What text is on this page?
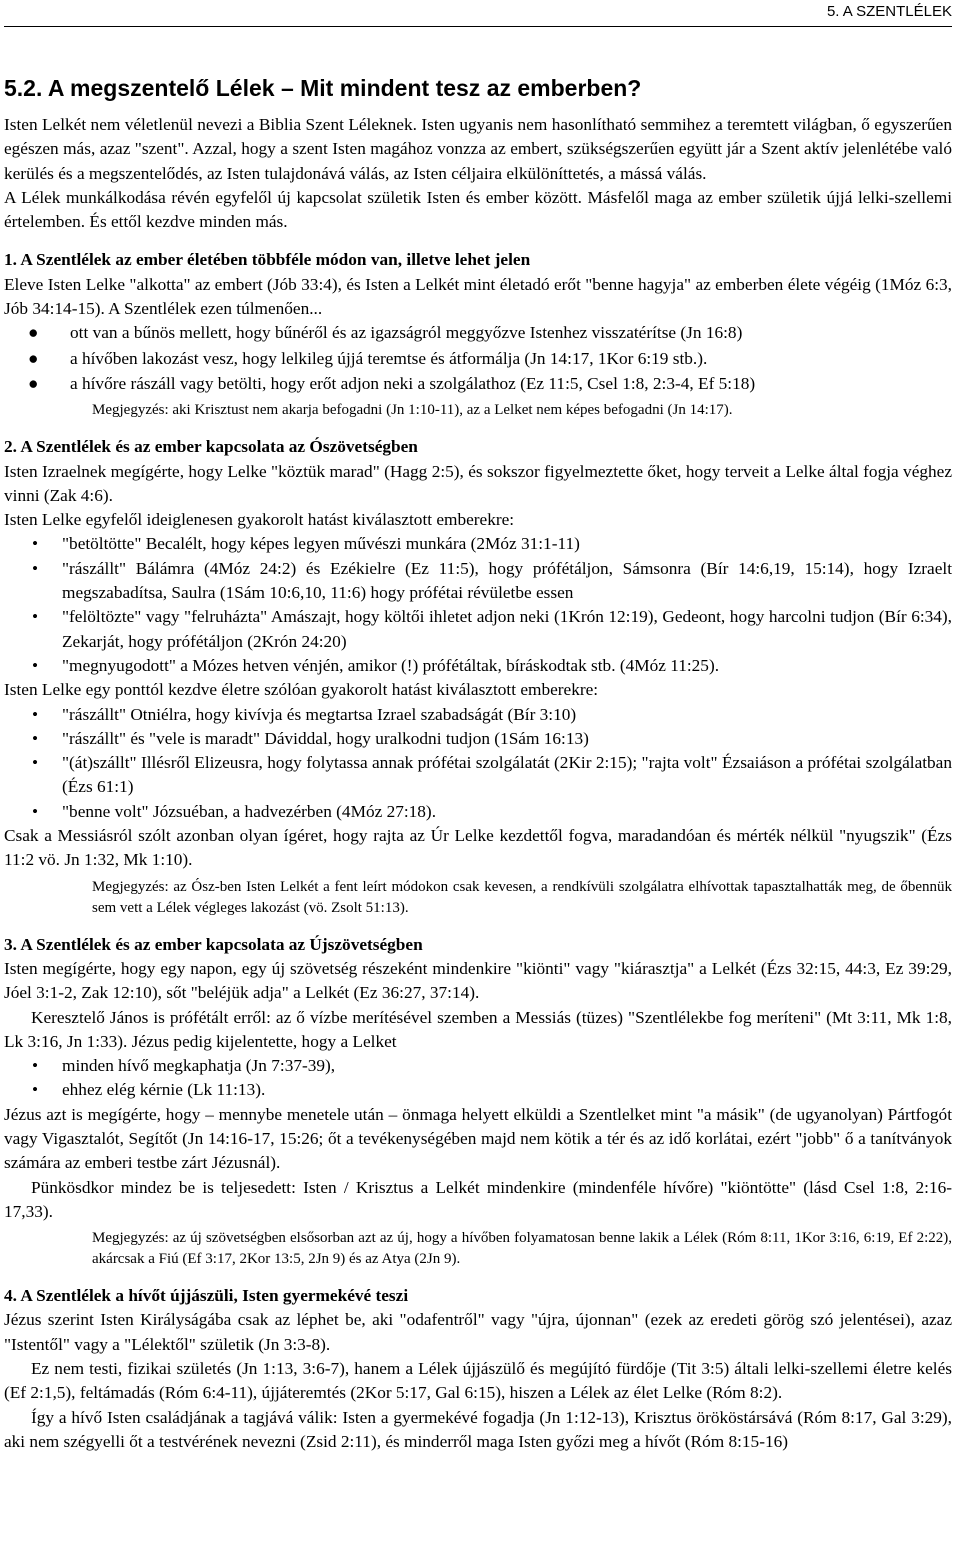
5. A SZENTLÉLEK
5.2. A megszentelő Lélek – Mit mindent tesz az emberben?

Isten Lelkét nem véletlenül nevezi a Biblia Szent Léleknek. Isten ugyanis nem hasonlítható semmihez a teremtett világban, ő egyszerűen egészen más, azaz "szent". Azzal, hogy a szent Isten magához vonzza az embert, szükségszerűen együtt jár a Szent aktív jelenlétébe való kerülés és a megszentelődés, az Isten tulajdonává válás, az Isten céljaira elkülöníttetés, a mássá válás.

A Lélek munkálkodása révén egyfelől új kapcsolat születik Isten és ember között. Másfelől maga az ember születik újjá lelki-szellemi értelemben. És ettől kezdve minden más.

1. A Szentlélek az ember életében többféle módon van, illetve lehet jelen

Eleve Isten Lelke "alkotta" az embert (Jób 33:4), és Isten a Lelkét mint életadó erőt "benne hagyja" az emberben élete végéig (1Móz 6:3, Jób 34:14-15). A Szentlélek ezen túlmenően...

● ott van a bűnös mellett, hogy bűnéről és az igazságról meggyőzve Istenhez visszatérítse (Jn 16:8)
● a hívőben lakozást vesz, hogy lelkileg újjá teremtse és átformálja (Jn 14:17, 1Kor 6:19 stb.).
● a hívőre rászáll vagy betölti, hogy erőt adjon neki a szolgálathoz (Ez 11:5, Csel 1:8, 2:3-4, Ef 5:18)

Megjegyzés: aki Krisztust nem akarja befogadni (Jn 1:10-11), az a Lelket nem képes befogadni (Jn 14:17).

2. A Szentlélek és az ember kapcsolata az Ószövetségben

Isten Izraelnek megígérte, hogy Lelke "köztük marad" (Hagg 2:5), és sokszor figyelmeztette őket, hogy terveit a Lelke által fogja véghez vinni (Zak 4:6).

Isten Lelke egyfelől ideiglenesen gyakorolt hatást kiválasztott emberekre:

• "betöltötte" Becalélt, hogy képes legyen művészi munkára (2Móz 31:1-11)
• "rászállt" Bálámra (4Móz 24:2) és Ezékielre (Ez 11:5), hogy prófétáljon, Sámsonra (Bír 14:6,19, 15:14), hogy Izraelt megszabadítsa, Saulra (1Sám 10:6,10, 11:6) hogy prófétai révületbe essen
• "felöltözte" vagy "felruházta" Amászajt, hogy költői ihletet adjon neki (1Krón 12:19), Gedeont, hogy harcolni tudjon (Bír 6:34), Zekarját, hogy prófétáljon (2Krón 24:20)
• "megnyugodott" a Mózes hetven vénjén, amikor (!) prófétáltak, bíráskodtak stb. (4Móz 11:25).

Isten Lelke egy ponttól kezdve életre szólóan gyakorolt hatást kiválasztott emberekre:

• "rászállt" Otniélra, hogy kivívja és megtartsa Izrael szabadságát (Bír 3:10)
• "rászállt" és "vele is maradt" Dáviddal, hogy uralkodni tudjon (1Sám 16:13)
• "(át)szállt" Illésről Elizeusra, hogy folytassa annak prófétai szolgálatát (2Kir 2:15); "rajta volt" Ézsaiáson a prófétai szolgálatban (Ézs 61:1)
• "benne volt" Józsuéban, a hadvezérben (4Móz 27:18).

Csak a Messiásról szólt azonban olyan ígéret, hogy rajta az Úr Lelke kezdettől fogva, maradandóan és mérték nélkül "nyugszik" (Ézs 11:2 vö. Jn 1:32, Mk 1:10).

Megjegyzés: az Ósz-ben Isten Lelkét a fent leírt módokon csak kevesen, a rendkívüli szolgálatra elhívottak tapasztalhatták meg, de őbennük sem vett a Lélek végleges lakozást (vö. Zsolt 51:13).

3. A Szentlélek és az ember kapcsolata az Újszövetségben

Isten megígérte, hogy egy napon, egy új szövetség részeként mindenkire "kiönti" vagy "kiárasztja" a Lelkét (Ézs 32:15, 44:3, Ez 39:29, Jóel 3:1-2, Zak 12:10), sőt "beléjük adja" a Lelkét (Ez 36:27, 37:14).

Keresztelő János is prófétált erről: az ő vízbe merítésével szemben a Messiás (tüzes) "Szentlélekbe fog meríteni" (Mt 3:11, Mk 1:8, Lk 3:16, Jn 1:33). Jézus pedig kijelentette, hogy a Lelket

• minden hívő megkaphatja (Jn 7:37-39),
• ehhez elég kérnie (Lk 11:13).

Jézus azt is megígérte, hogy – mennybe menetele után – önmaga helyett elküldi a Szentlelket mint "a másik" (de ugyanolyan) Pártfogót vagy Vigasztalót, Segítőt (Jn 14:16-17, 15:26; őt a tevékenységében majd nem kötik a tér és az idő korlátai, ezért "jobb" ő a tanítványok számára az emberi testbe zárt Jézusnál).

Pünkösdkor mindez be is teljesedett: Isten / Krisztus a Lelkét mindenkire (mindenféle hívőre) "kiöntötte" (lásd Csel 1:8, 2:16-17,33).

Megjegyzés: az új szövetségben elsősorban azt az új, hogy a hívőben folyamatosan benne lakik a Lélek (Róm 8:11, 1Kor 3:16, 6:19, Ef 2:22), akárcsak a Fiú (Ef 3:17, 2Kor 13:5, 2Jn 9) és az Atya (2Jn 9).

4. A Szentlélek a hívőt újjászüli, Isten gyermekévé teszi

Jézus szerint Isten Királyságába csak az léphet be, aki "odafentről" vagy "újra, újonnan" (ezek az eredeti görög szó jelentései), azaz "Istentől" vagy a "Lélektől" születik (Jn 3:3-8).

Ez nem testi, fizikai születés (Jn 1:13, 3:6-7), hanem a Lélek újjászülő és megújító fürdője (Tit 3:5) általi lelki-szellemi életre kelés (Ef 2:1,5), feltámadás (Róm 6:4-11), újjáteremtés (2Kor 5:17, Gal 6:15), hiszen a Lélek az élet Lelke (Róm 8:2).

Így a hívő Isten családjának a tagjává válik: Isten a gyermekévé fogadja (Jn 1:12-13), Krisztus örököstársává (Róm 8:17, Gal 3:29), aki nem szégyelli őt a testvérének nevezni (Zsid 2:11), és minderről maga Isten győzi meg a hívőt (Róm 8:15-16)
